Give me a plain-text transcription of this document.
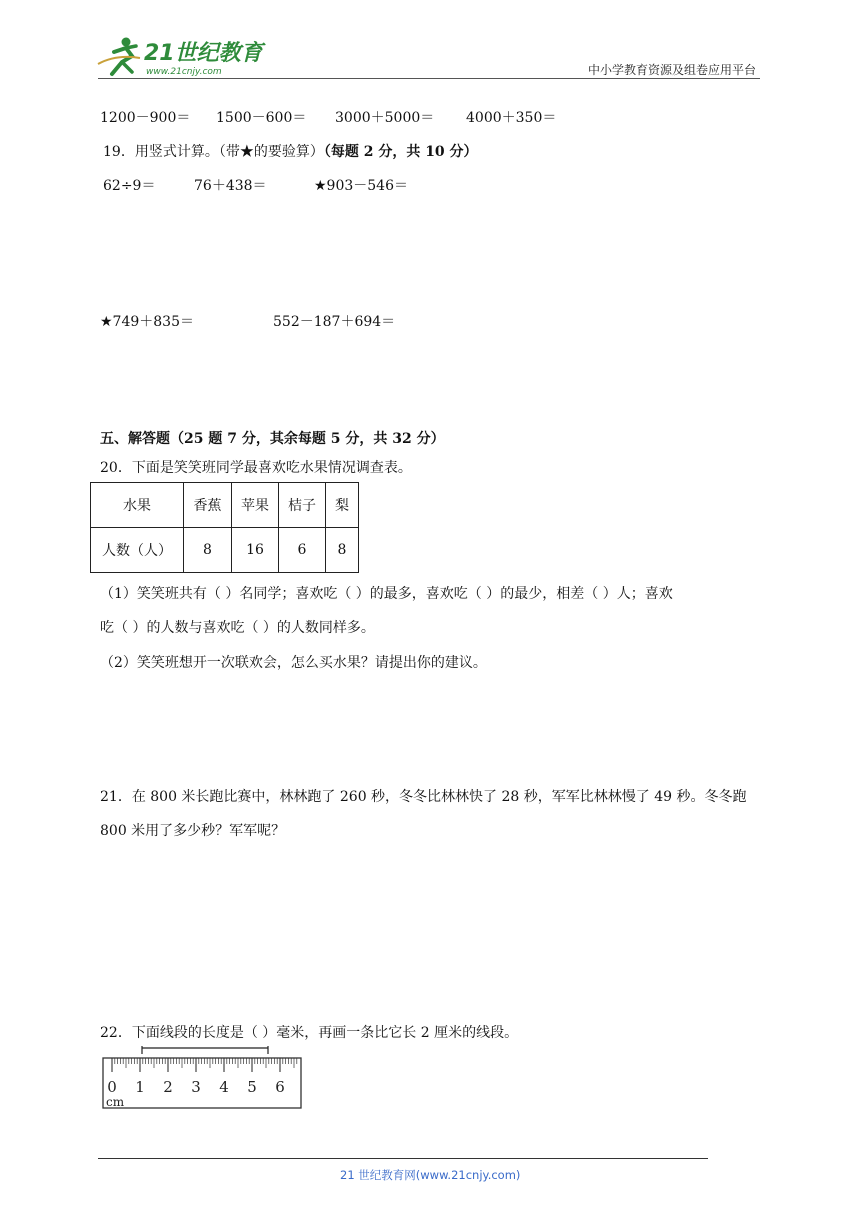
21世纪教育
www.21cnjy.com	中小学教育资源及组卷应用平台
1200－900＝ 1500－600＝ 3000＋5000＝ 4000＋350＝
19．用竖式计算。（带★的要验算）（每题 2 分，共 10 分）
62÷9＝	76＋438＝	★903－546＝
★749＋835＝	552－187＋694＝
五、解答题（25 题 7 分，其余每题 5 分，共 32 分）
20．下面是笑笑班同学最喜欢吃水果情况调查表。
水果	香蕉	苹果	桔子	梨
人数（人）	8	16	6	8
（1）笑笑班共有（ ）名同学；喜欢吃（ ）的最多，喜欢吃（ ）的最少，相差（ ）人；喜欢
吃（ ）的人数与喜欢吃（ ）的人数同样多。
（2）笑笑班想开一次联欢会，怎么买水果？请提出你的建议。
21．在 800 米长跑比赛中，林林跑了 260 秒，冬冬比林林快了 28 秒，军军比林林慢了 49 秒。冬冬跑
800 米用了多少秒？军军呢？
22．下面线段的长度是（ ）毫米，再画一条比它长 2 厘米的线段。
0 1 2 3 4 5 6
cm
21 世纪教育网(www.21cnjy.com)
